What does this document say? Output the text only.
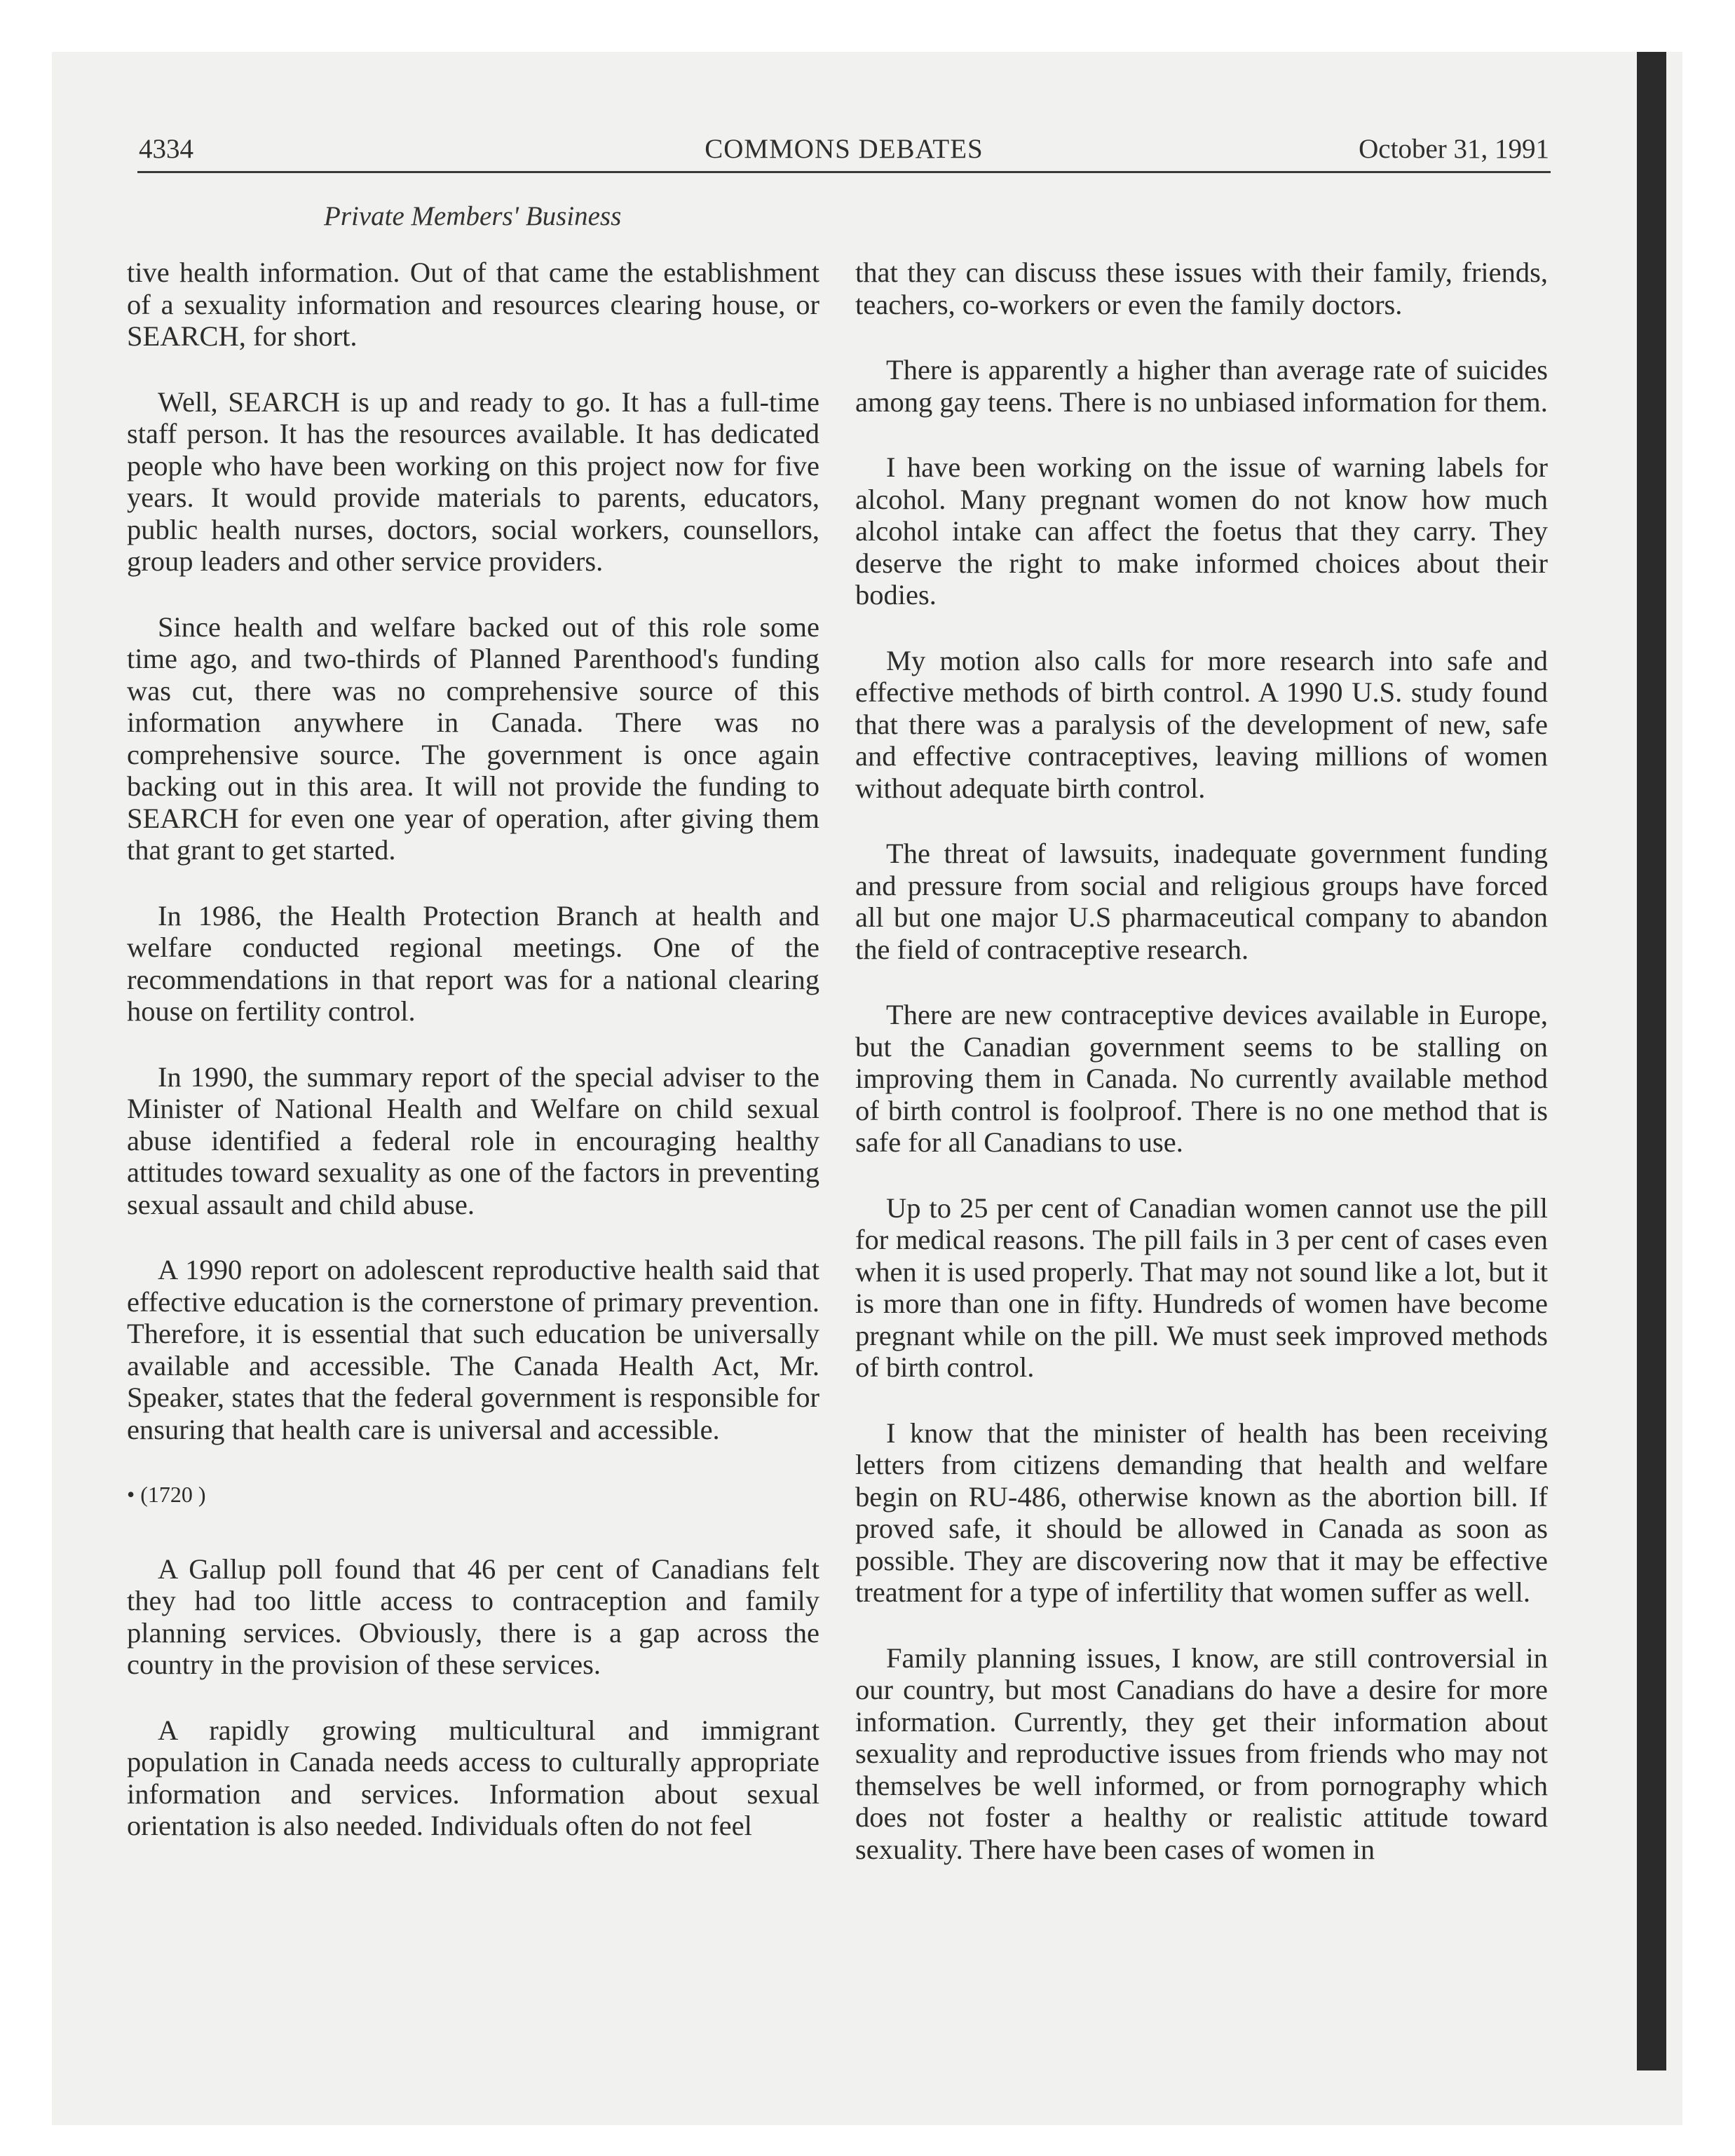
4334	COMMONS DEBATES	October 31, 1991
Private Members' Business

tive health information. Out of that came the establishment of a sexuality information and resources clearing house, or SEARCH, for short.

Well, SEARCH is up and ready to go. It has a full-time staff person. It has the resources available. It has dedicated people who have been working on this project now for five years. It would provide materials to parents, educators, public health nurses, doctors, social workers, counsellors, group leaders and other service providers.

Since health and welfare backed out of this role some time ago, and two-thirds of Planned Parenthood's funding was cut, there was no comprehensive source of this information anywhere in Canada. There was no comprehensive source. The government is once again backing out in this area. It will not provide the funding to SEARCH for even one year of operation, after giving them that grant to get started.

In 1986, the Health Protection Branch at health and welfare conducted regional meetings. One of the recommendations in that report was for a national clearing house on fertility control.

In 1990, the summary report of the special adviser to the Minister of National Health and Welfare on child sexual abuse identified a federal role in encouraging healthy attitudes toward sexuality as one of the factors in preventing sexual assault and child abuse.

A 1990 report on adolescent reproductive health said that effective education is the cornerstone of primary prevention. Therefore, it is essential that such education be universally available and accessible. The Canada Health Act, Mr. Speaker, states that the federal government is responsible for ensuring that health care is universal and accessible.

• (1720 )

A Gallup poll found that 46 per cent of Canadians felt they had too little access to contraception and family planning services. Obviously, there is a gap across the country in the provision of these services.

A rapidly growing multicultural and immigrant population in Canada needs access to culturally appropriate information and services. Information about sexual orientation is also needed. Individuals often do not feel

that they can discuss these issues with their family, friends, teachers, co-workers or even the family doctors.

There is apparently a higher than average rate of suicides among gay teens. There is no unbiased information for them.

I have been working on the issue of warning labels for alcohol. Many pregnant women do not know how much alcohol intake can affect the foetus that they carry. They deserve the right to make informed choices about their bodies.

My motion also calls for more research into safe and effective methods of birth control. A 1990 U.S. study found that there was a paralysis of the development of new, safe and effective contraceptives, leaving millions of women without adequate birth control.

The threat of lawsuits, inadequate government funding and pressure from social and religious groups have forced all but one major U.S pharmaceutical company to abandon the field of contraceptive research.

There are new contraceptive devices available in Europe, but the Canadian government seems to be stalling on improving them in Canada. No currently available method of birth control is foolproof. There is no one method that is safe for all Canadians to use.

Up to 25 per cent of Canadian women cannot use the pill for medical reasons. The pill fails in 3 per cent of cases even when it is used properly. That may not sound like a lot, but it is more than one in fifty. Hundreds of women have become pregnant while on the pill. We must seek improved methods of birth control.

I know that the minister of health has been receiving letters from citizens demanding that health and welfare begin on RU-486, otherwise known as the abortion bill. If proved safe, it should be allowed in Canada as soon as possible. They are discovering now that it may be effective treatment for a type of infertility that women suffer as well.

Family planning issues, I know, are still controversial in our country, but most Canadians do have a desire for more information. Currently, they get their information about sexuality and reproductive issues from friends who may not themselves be well informed, or from pornography which does not foster a healthy or realistic attitude toward sexuality. There have been cases of women in
